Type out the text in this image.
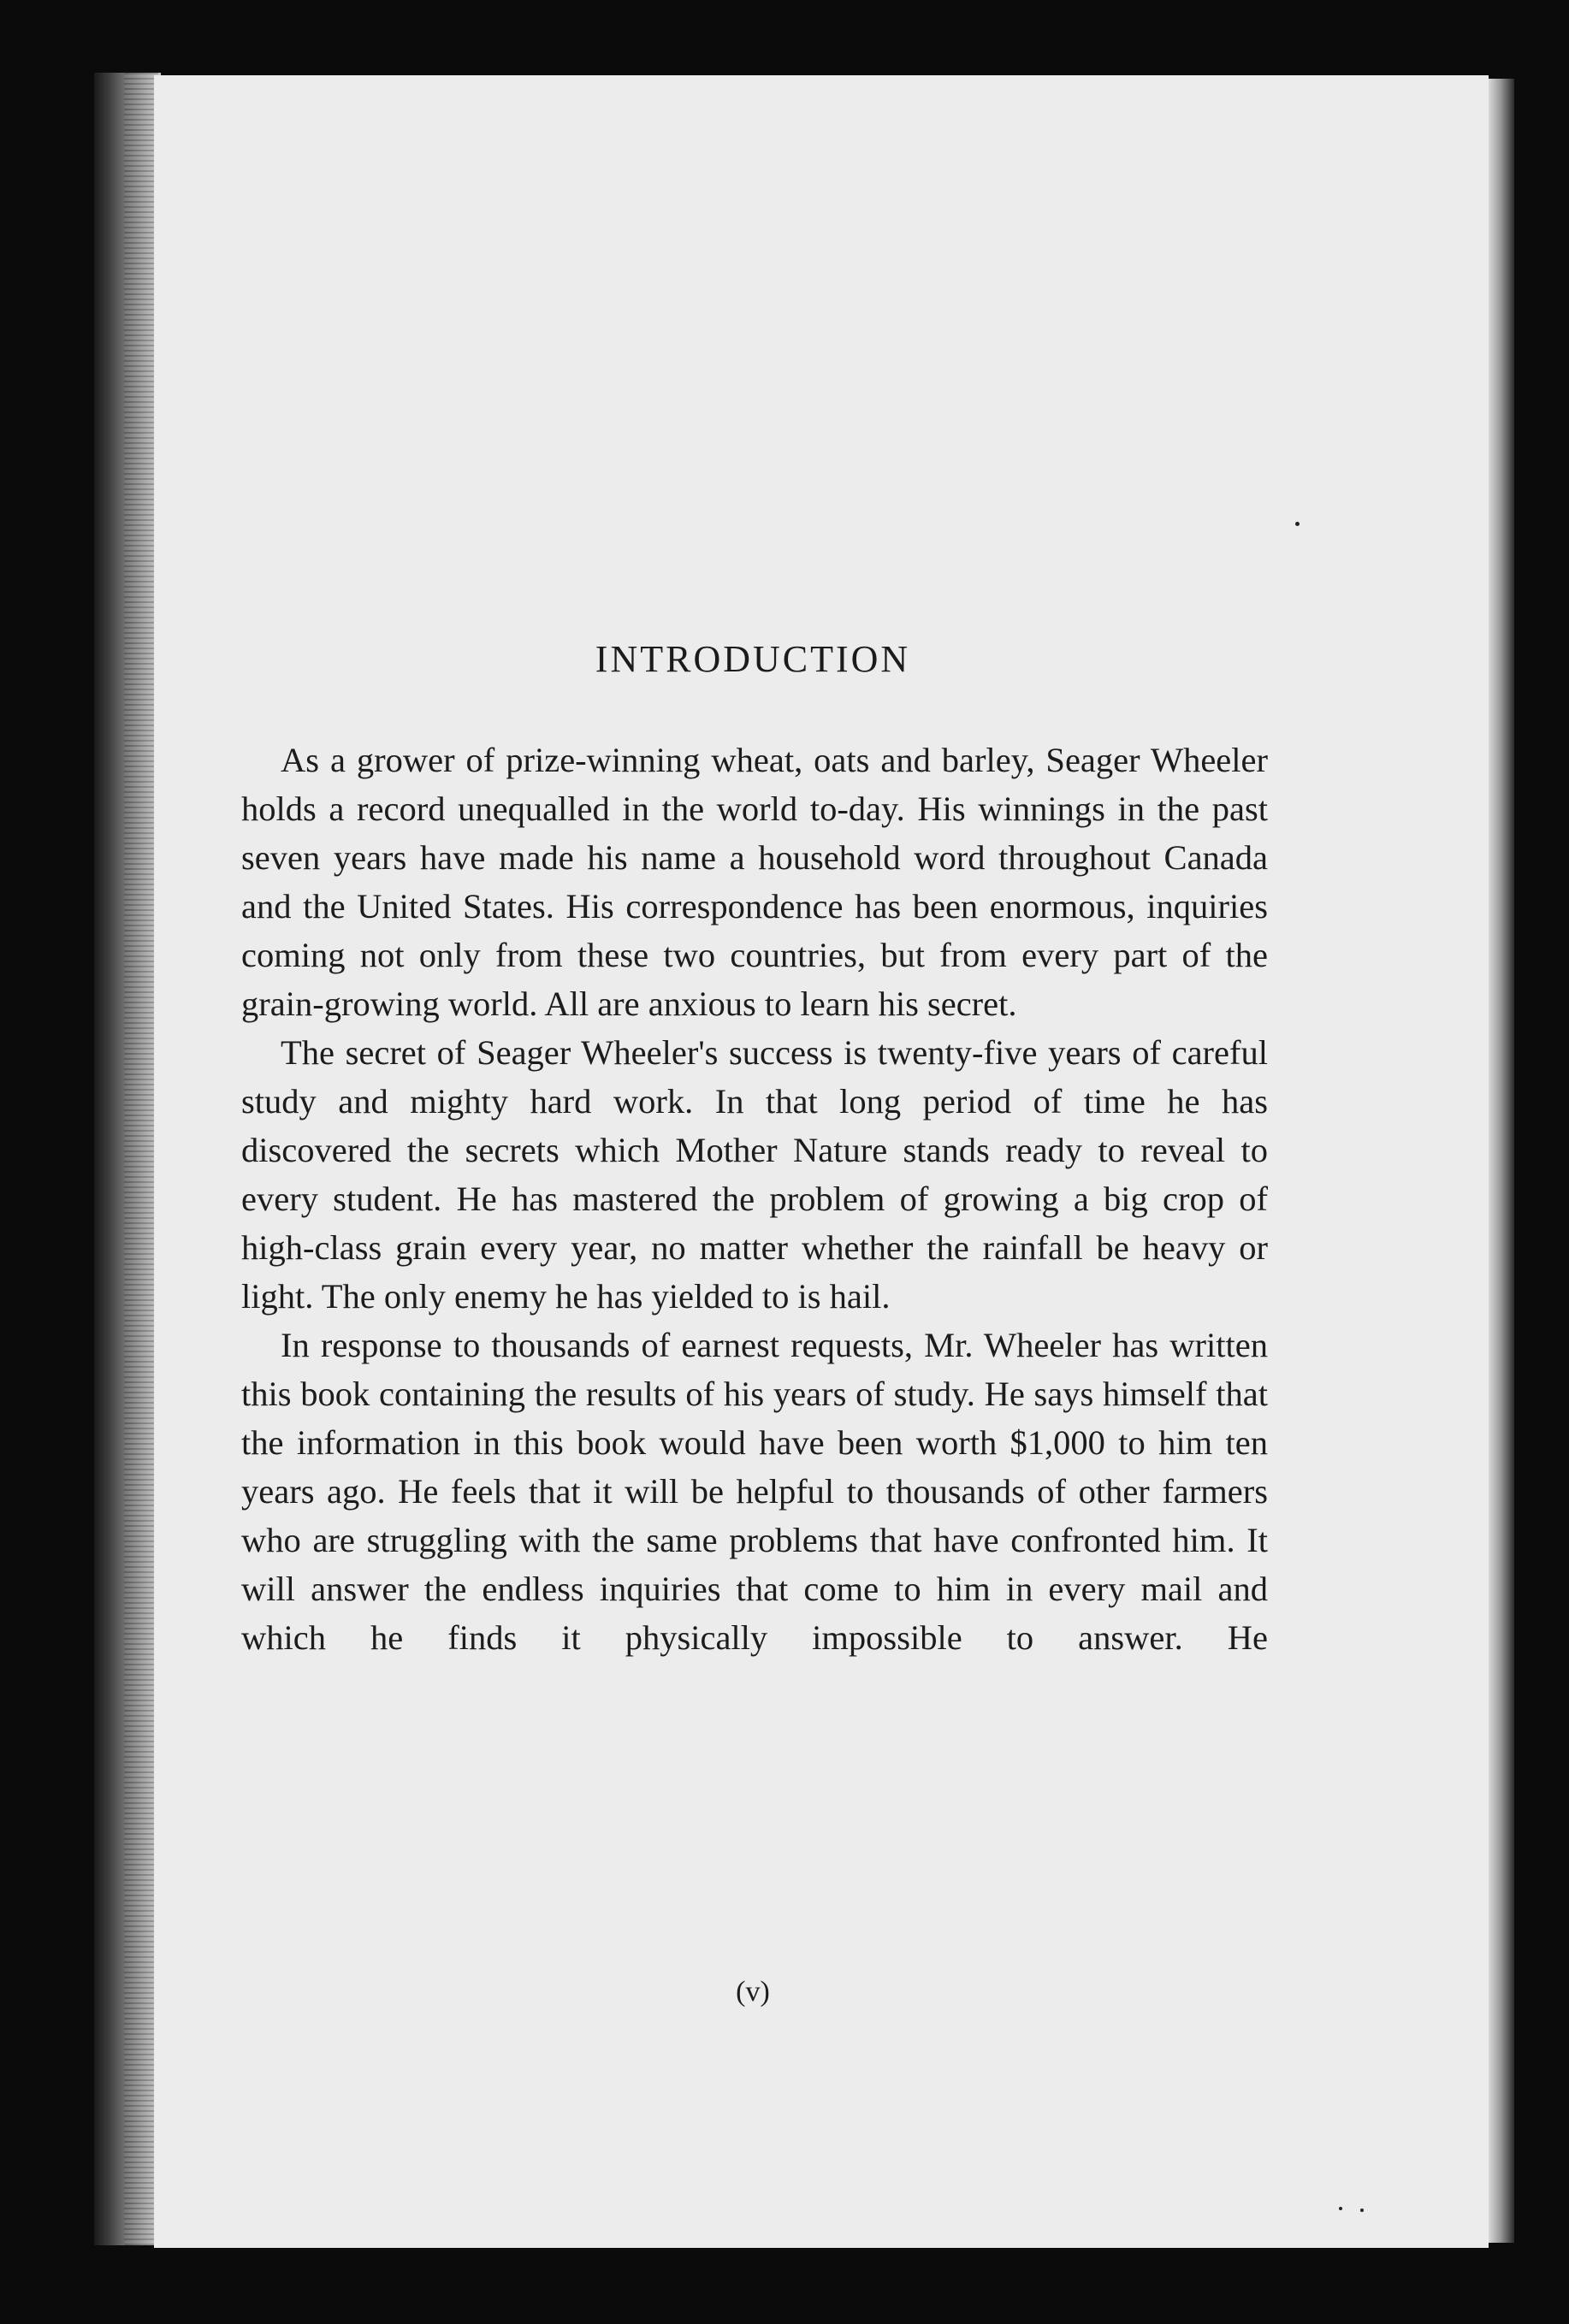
INTRODUCTION

As a grower of prize-winning wheat, oats and barley, Seager Wheeler holds a record unequalled in the world to-day. His winnings in the past seven years have made his name a household word throughout Canada and the United States. His correspondence has been enormous, inquiries coming not only from these two countries, but from every part of the grain-growing world. All are anxious to learn his secret.

The secret of Seager Wheeler's success is twenty-five years of careful study and mighty hard work. In that long period of time he has discovered the secrets which Mother Nature stands ready to reveal to every student. He has mastered the problem of growing a big crop of high-class grain every year, no matter whether the rainfall be heavy or light. The only enemy he has yielded to is hail.

In response to thousands of earnest requests, Mr. Wheeler has written this book containing the results of his years of study. He says himself that the information in this book would have been worth $1,000 to him ten years ago. He feels that it will be helpful to thousands of other farmers who are struggling with the same problems that have confronted him. It will answer the endless inquiries that come to him in every mail and which he finds it physically impossible to answer. He

(v)
